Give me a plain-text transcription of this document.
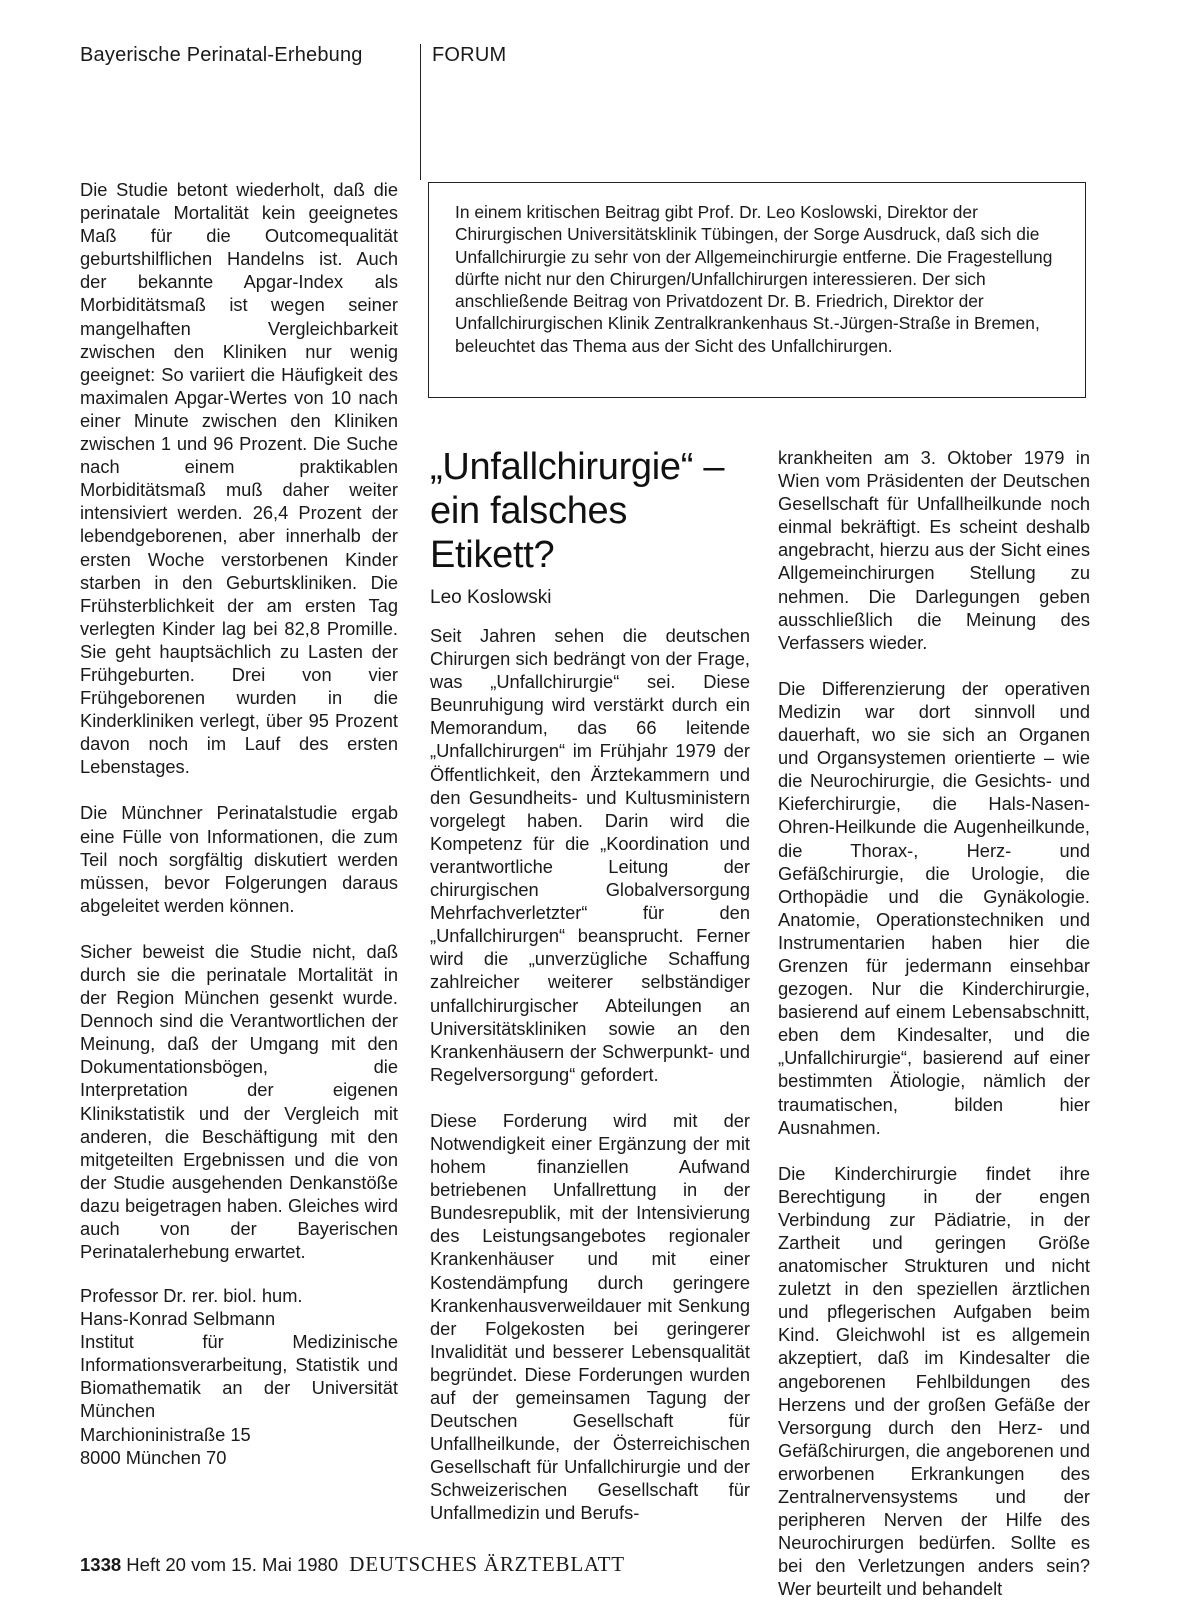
Bayerische Perinatal-Erhebung	FORUM

Die Studie betont wiederholt, daß die perinatale Mortalität kein geeignetes Maß für die Outcomequalität geburtshilflichen Handelns ist. Auch der bekannte Apgar-Index als Morbiditätsmaß ist wegen seiner mangelhaften Vergleichbarkeit zwischen den Kliniken nur wenig geeignet: So variiert die Häufigkeit des maximalen Apgar-Wertes von 10 nach einer Minute zwischen den Kliniken zwischen 1 und 96 Prozent. Die Suche nach einem praktikablen Morbiditätsmaß muß daher weiter intensiviert werden. 26,4 Prozent der lebendgeborenen, aber innerhalb der ersten Woche verstorbenen Kinder starben in den Geburtskliniken. Die Frühsterblichkeit der am ersten Tag verlegten Kinder lag bei 82,8 Promille. Sie geht hauptsächlich zu Lasten der Frühgeburten. Drei von vier Frühgeborenen wurden in die Kinderkliniken verlegt, über 95 Prozent davon noch im Lauf des ersten Lebenstages.

Die Münchner Perinatalstudie ergab eine Fülle von Informationen, die zum Teil noch sorgfältig diskutiert werden müssen, bevor Folgerungen daraus abgeleitet werden können.

Sicher beweist die Studie nicht, daß durch sie die perinatale Mortalität in der Region München gesenkt wurde. Dennoch sind die Verantwortlichen der Meinung, daß der Umgang mit den Dokumentationsbögen, die Interpretation der eigenen Klinikstatistik und der Vergleich mit anderen, die Beschäftigung mit den mitgeteilten Ergebnissen und die von der Studie ausgehenden Denkanstöße dazu beigetragen haben. Gleiches wird auch von der Bayerischen Perinatalerhebung erwartet.

Professor Dr. rer. biol. hum.
Hans-Konrad Selbmann
Institut für Medizinische Informationsverarbeitung, Statistik und Biomathematik an der Universität München
Marchioninistraße 15
8000 München 70
In einem kritischen Beitrag gibt Prof. Dr. Leo Koslowski, Direktor der Chirurgischen Universitätsklinik Tübingen, der Sorge Ausdruck, daß sich die Unfallchirurgie zu sehr von der Allgemeinchirurgie entferne. Die Fragestellung dürfte nicht nur den Chirurgen/Unfallchirurgen interessieren. Der sich anschließende Beitrag von Privatdozent Dr. B. Friedrich, Direktor der Unfallchirurgischen Klinik Zentralkrankenhaus St.-Jürgen-Straße in Bremen, beleuchtet das Thema aus der Sicht des Unfallchirurgen.
„Unfallchirurgie“ – ein falsches Etikett?
Leo Koslowski

Seit Jahren sehen die deutschen Chirurgen sich bedrängt von der Frage, was „Unfallchirurgie“ sei. Diese Beunruhigung wird verstärkt durch ein Memorandum, das 66 leitende „Unfallchirurgen“ im Frühjahr 1979 der Öffentlichkeit, den Ärztekammern und den Gesundheits- und Kultusministern vorgelegt haben. Darin wird die Kompetenz für die „Koordination und verantwortliche Leitung der chirurgischen Globalversorgung Mehrfachverletzter“ für den „Unfallchirurgen“ beansprucht. Ferner wird die „unverzügliche Schaffung zahlreicher weiterer selbständiger unfallchirurgischer Abteilungen an Universitätskliniken sowie an den Krankenhäusern der Schwerpunkt- und Regelversorgung“ gefordert.

Diese Forderung wird mit der Notwendigkeit einer Ergänzung der mit hohem finanziellen Aufwand betriebenen Unfallrettung in der Bundesrepublik, mit der Intensivierung des Leistungsangebotes regionaler Krankenhäuser und mit einer Kostendämpfung durch geringere Krankenhausverweildauer mit Senkung der Folgekosten bei geringerer Invalidität und besserer Lebensqualität begründet. Diese Forderungen wurden auf der gemeinsamen Tagung der Deutschen Gesellschaft für Unfallheilkunde, der Österreichischen Gesellschaft für Unfallchirurgie und der Schweizerischen Gesellschaft für Unfallmedizin und Berufs-

krankheiten am 3. Oktober 1979 in Wien vom Präsidenten der Deutschen Gesellschaft für Unfallheilkunde noch einmal bekräftigt. Es scheint deshalb angebracht, hierzu aus der Sicht eines Allgemeinchirurgen Stellung zu nehmen. Die Darlegungen geben ausschließlich die Meinung des Verfassers wieder.

Die Differenzierung der operativen Medizin war dort sinnvoll und dauerhaft, wo sie sich an Organen und Organsystemen orientierte – wie die Neurochirurgie, die Gesichts- und Kieferchirurgie, die Hals-Nasen-Ohren-Heilkunde die Augenheilkunde, die Thorax-, Herz- und Gefäßchirurgie, die Urologie, die Orthopädie und die Gynäkologie. Anatomie, Operationstechniken und Instrumentarien haben hier die Grenzen für jedermann einsehbar gezogen. Nur die Kinderchirurgie, basierend auf einem Lebensabschnitt, eben dem Kindesalter, und die „Unfallchirurgie“, basierend auf einer bestimmten Ätiologie, nämlich der traumatischen, bilden hier Ausnahmen.

Die Kinderchirurgie findet ihre Berechtigung in der engen Verbindung zur Pädiatrie, in der Zartheit und geringen Größe anatomischer Strukturen und nicht zuletzt in den speziellen ärztlichen und pflegerischen Aufgaben beim Kind. Gleichwohl ist es allgemein akzeptiert, daß im Kindesalter die angeborenen Fehlbildungen des Herzens und der großen Gefäße der Versorgung durch den Herz- und Gefäßchirurgen, die angeborenen und erworbenen Erkrankungen des Zentralnervensystems und der peripheren Nerven der Hilfe des Neurochirurgen bedürfen. Sollte es bei den Verletzungen anders sein? Wer beurteilt und behandelt

1338 Heft 20 vom 15. Mai 1980 DEUTSCHES ÄRZTEBLATT
